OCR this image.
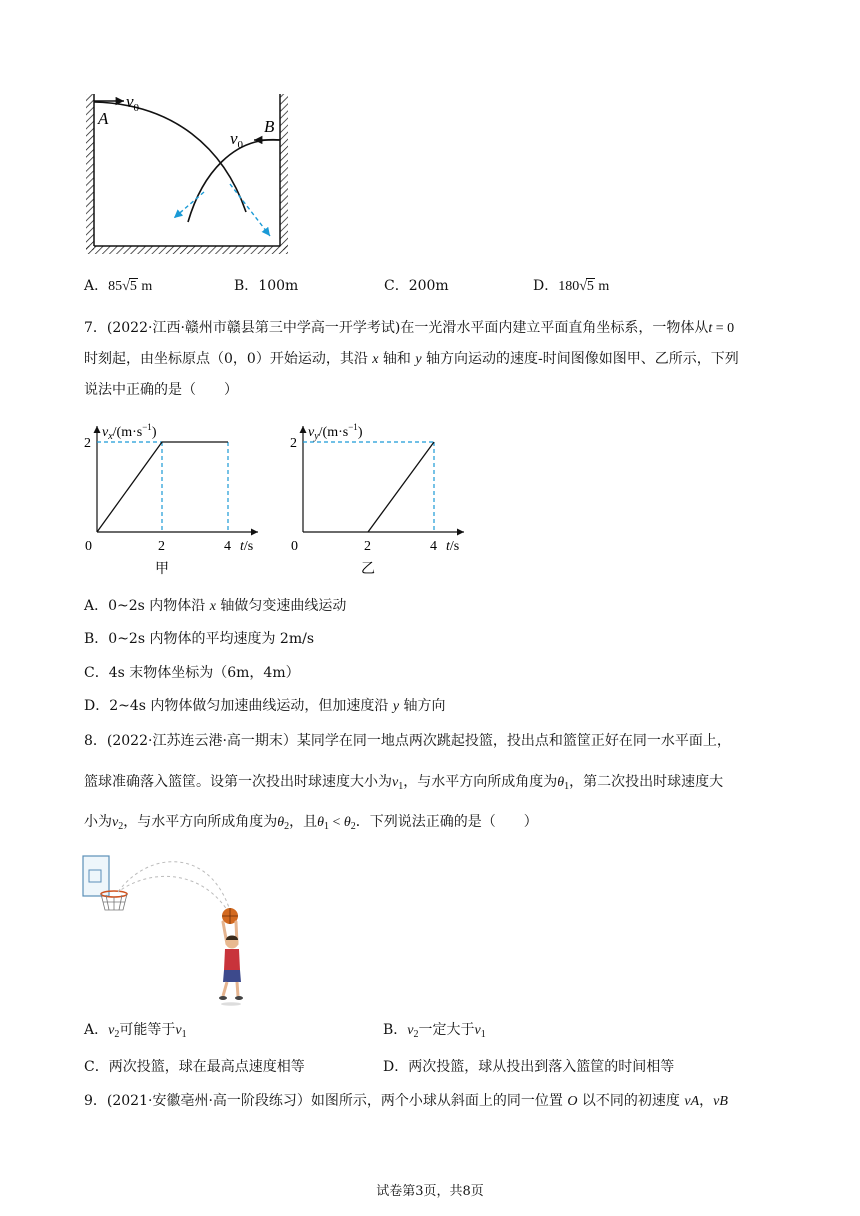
A	B
$v_0$
$v_0$
A．85√5 m	B．100m	C．200m	D．180√5 m
7．(2022·江西·赣州市赣县第三中学高一开学考试)在一光滑水平面内建立平面直角坐标系，一物体从t = 0
时刻起，由坐标原点（0，0）开始运动，其沿 x 轴和 y 轴方向运动的速度-时间图像如图甲、乙所示，下列
说法中正确的是（　　）
$v_x/(m\cdot s^{-1})$
2
0	2	4 t/s
甲
$v_y/(m\cdot s^{-1})$
2
0	2	4 t/s
乙
A．0~2s 内物体沿 x 轴做匀变速曲线运动
B．0~2s 内物体的平均速度为 2m/s
C．4s 末物体坐标为（6m，4m）
D．2~4s 内物体做匀加速曲线运动，但加速度沿 y 轴方向
8．(2022·江苏连云港·高一期末）某同学在同一地点两次跳起投篮，投出点和篮筐正好在同一水平面上，
篮球准确落入篮筐。设第一次投出时球速度大小为$v_1$，与水平方向所成角度为$\theta_1$，第二次投出时球速度大
小为$v_2$，与水平方向所成角度为$\theta_2$，且$\theta_1 < \theta_2$．下列说法正确的是（　　）
A．$v_2$可能等于$v_1$	B．$v_2$一定大于$v_1$
C．两次投篮，球在最高点速度相等	D．两次投篮，球从投出到落入篮筐的时间相等
9．(2021·安徽亳州·高一阶段练习）如图所示，两个小球从斜面上的同一位置 O 以不同的初速度 vA，vB
试卷第3页，共8页
